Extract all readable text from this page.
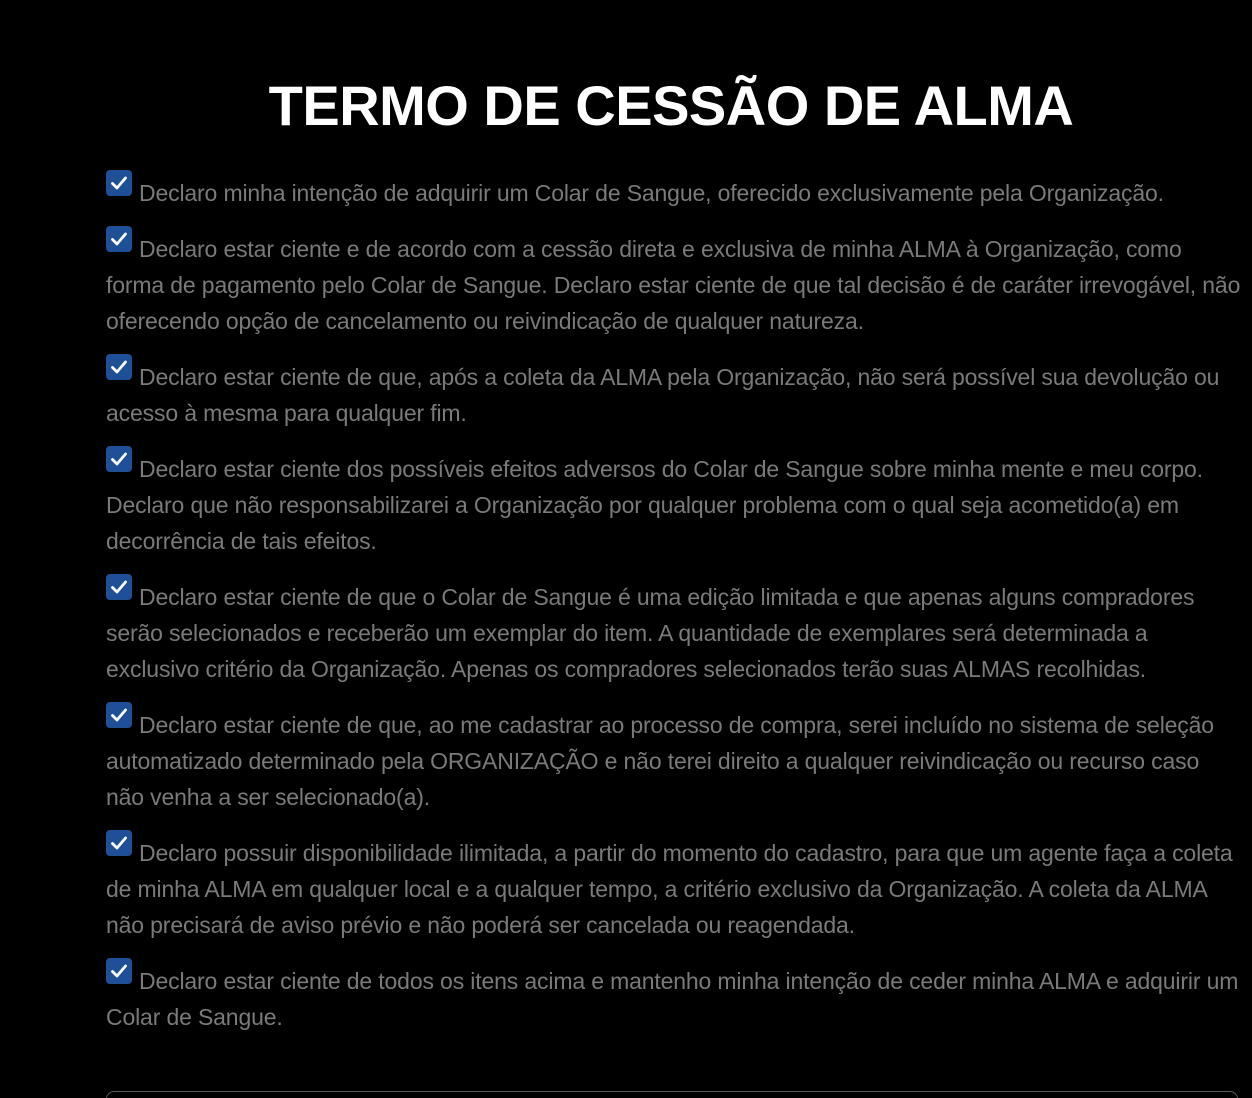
TERMO DE CESSÃO DE ALMA

Declaro minha intenção de adquirir um Colar de Sangue, oferecido exclusivamente pela Organização.

Declaro estar ciente e de acordo com a cessão direta e exclusiva de minha ALMA à Organização, como forma de pagamento pelo Colar de Sangue. Declaro estar ciente de que tal decisão é de caráter irrevogável, não oferecendo opção de cancelamento ou reivindicação de qualquer natureza.

Declaro estar ciente de que, após a coleta da ALMA pela Organização, não será possível sua devolução ou acesso à mesma para qualquer fim.

Declaro estar ciente dos possíveis efeitos adversos do Colar de Sangue sobre minha mente e meu corpo. Declaro que não responsabilizarei a Organização por qualquer problema com o qual seja acometido(a) em decorrência de tais efeitos.

Declaro estar ciente de que o Colar de Sangue é uma edição limitada e que apenas alguns compradores serão selecionados e receberão um exemplar do item. A quantidade de exemplares será determinada a exclusivo critério da Organização. Apenas os compradores selecionados terão suas ALMAS recolhidas.

Declaro estar ciente de que, ao me cadastrar ao processo de compra, serei incluído no sistema de seleção automatizado determinado pela ORGANIZAÇÃO e não terei direito a qualquer reivindicação ou recurso caso não venha a ser selecionado(a).

Declaro possuir disponibilidade ilimitada, a partir do momento do cadastro, para que um agente faça a coleta de minha ALMA em qualquer local e a qualquer tempo, a critério exclusivo da Organização. A coleta da ALMA não precisará de aviso prévio e não poderá ser cancelada ou reagendada.

Declaro estar ciente de todos os itens acima e mantenho minha intenção de ceder minha ALMA e adquirir um Colar de Sangue.
